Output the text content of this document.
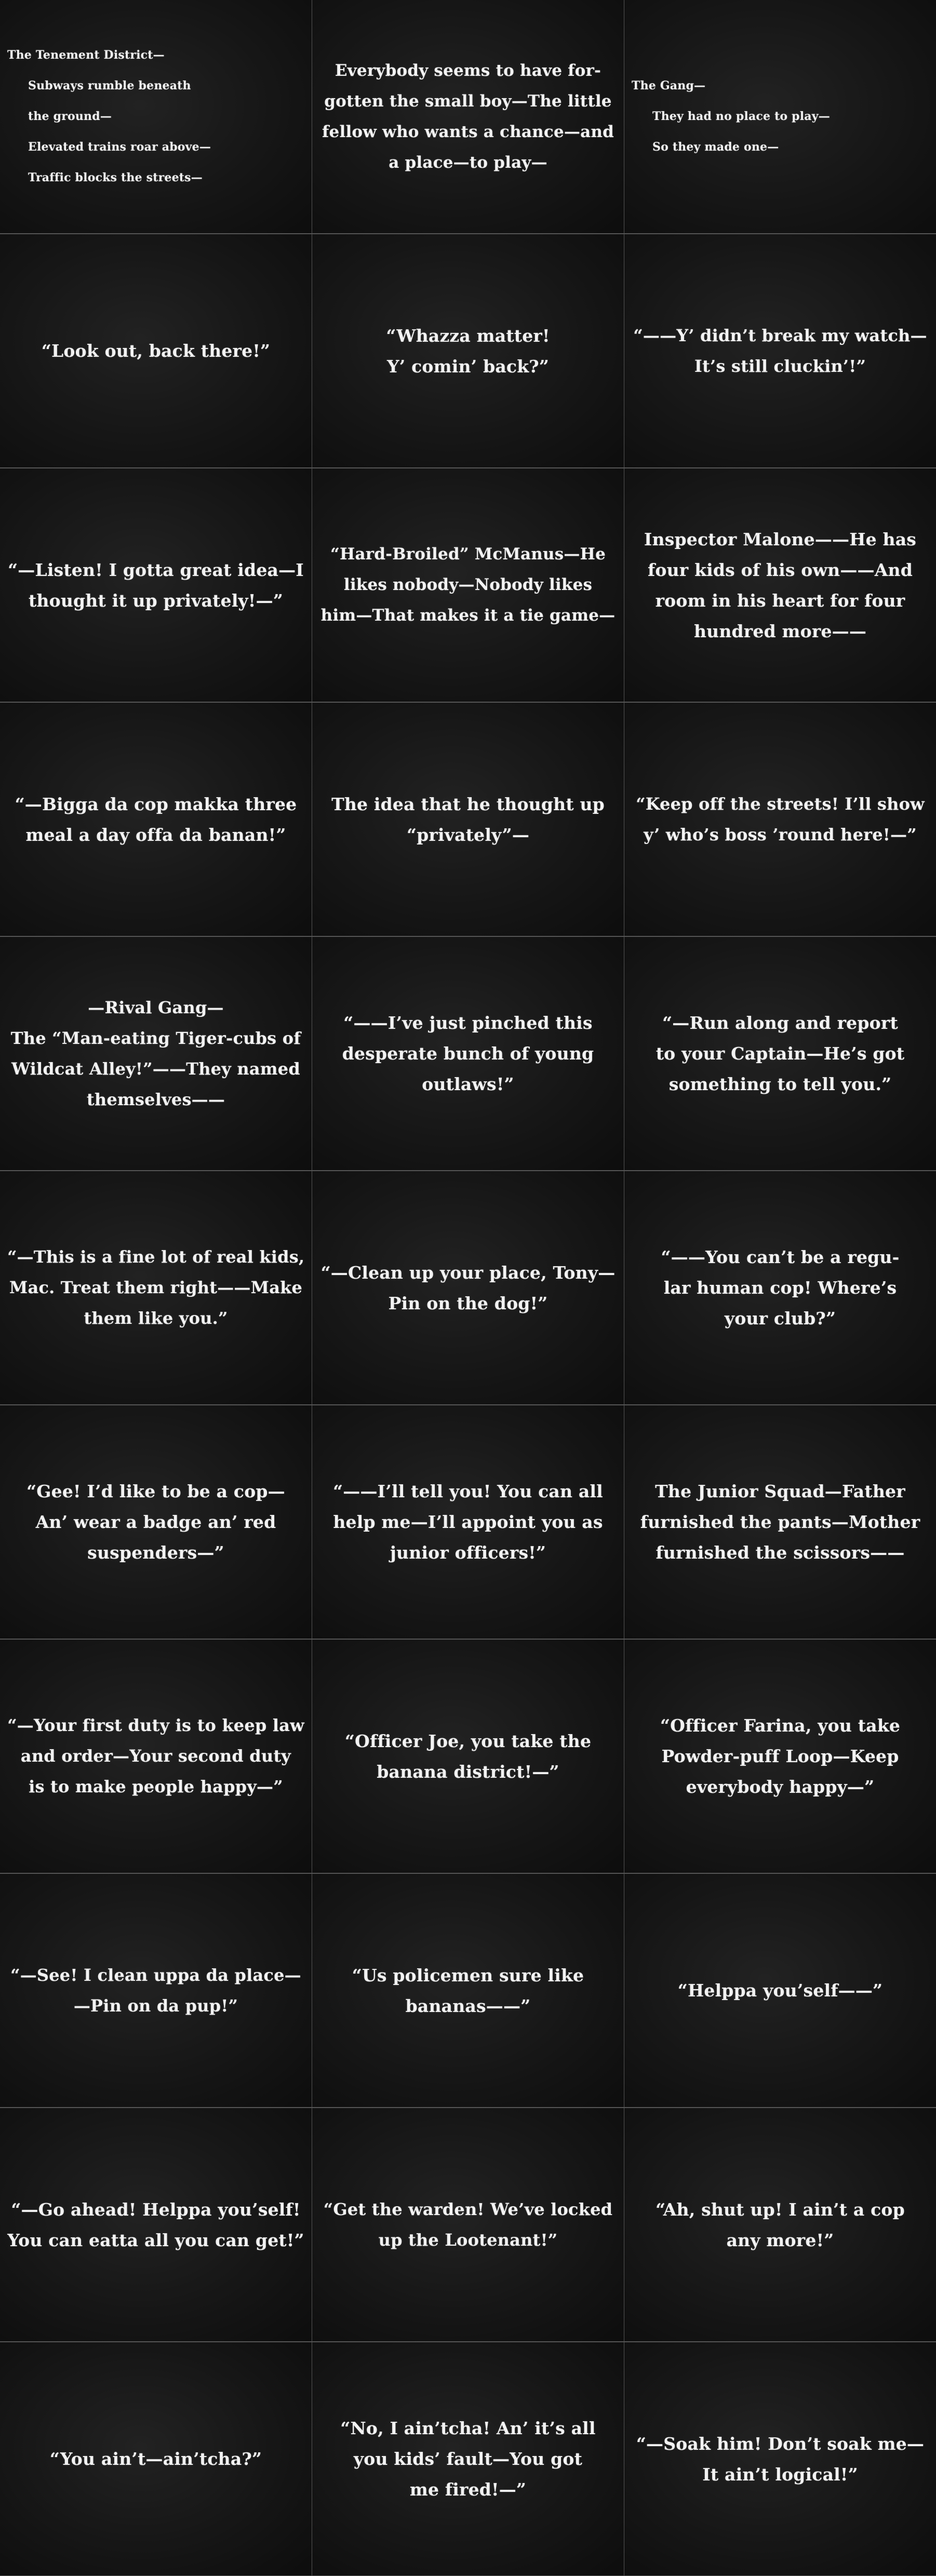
The Tenement District—
Subways rumble beneath
the ground—
Elevated trains roar above—
Traffic blocks the streets—
Everybody seems to have for-
gotten the small boy—The little
fellow who wants a chance—and
a place—to play—
The Gang—
They had no place to play—
So they made one—
“Look out, back there!”
“Whazza matter!
Y’ comin’ back?”
“——Y’ didn’t break my watch—
It’s still cluckin’!”
“—Listen! I gotta great idea—I
thought it up privately!—”
“Hard-Broiled” McManus—He
likes nobody—Nobody likes
him—That makes it a tie game—
Inspector Malone——He has
four kids of his own——And
room in his heart for four
hundred more——
“—Bigga da cop makka three
meal a day offa da banan!”
The idea that he thought up
“privately”—
“Keep off the streets! I’ll show
y’ who’s boss ’round here!—”
—Rival Gang—
The “Man-eating Tiger-cubs of
Wildcat Alley!”——They named
themselves——
“——I’ve just pinched this
desperate bunch of young
outlaws!”
“—Run along and report
to your Captain—He’s got
something to tell you.”
“—This is a fine lot of real kids,
Mac. Treat them right——Make
them like you.”
“—Clean up your place, Tony—
Pin on the dog!”
“——You can’t be a regu-
lar human cop! Where’s
your club?”
“Gee! I’d like to be a cop—
An’ wear a badge an’ red
suspenders—”
“——I’ll tell you! You can all
help me—I’ll appoint you as
junior officers!”
The Junior Squad—Father
furnished the pants—Mother
furnished the scissors——
“—Your first duty is to keep law
and order—Your second duty
is to make people happy—”
“Officer Joe, you take the
banana district!—”
“Officer Farina, you take
Powder-puff Loop—Keep
everybody happy—”
“—See! I clean uppa da place—
—Pin on da pup!”
“Us policemen sure like
bananas——”
“Helppa you’self——”
“—Go ahead! Helppa you’self!
You can eatta all you can get!”
“Get the warden! We’ve locked
up the Lootenant!”
“Ah, shut up! I ain’t a cop
any more!”
“You ain’t—ain’tcha?”
“No, I ain’tcha! An’ it’s all
you kids’ fault—You got
me fired!—”
“—Soak him! Don’t soak me—
It ain’t logical!”
